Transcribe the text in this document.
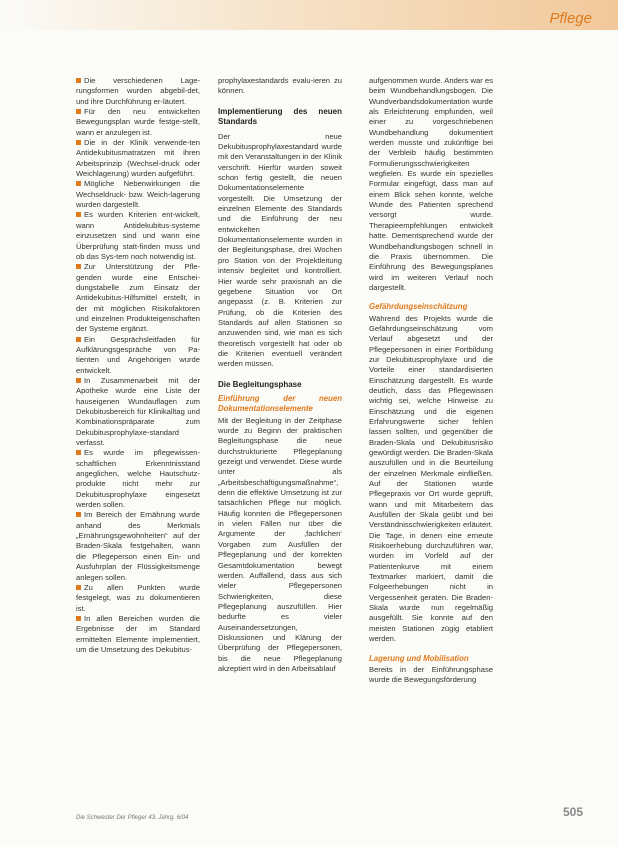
Pflege

Die verschiedenen Lage-rungsformen wurden abgebil-det, und ihre Durchführung er-läutert.

Für den neu entwickelten Bewegungsplan wurde festge-stellt, wann er anzulegen ist.

Die in der Klinik verwende-ten Antidekubitusmatratzen mit ihren Arbeitsprinzip (Wechsel-druck oder Weichlagerung) wurden aufgeführt.

Mögliche Nebenwirkungen die Wechseldruck- bzw. Weich-lagerung wurden dargestellt.

Es wurden Kriterien ent-wickelt, wann Antidekubitus-systeme einzusetzen sind und wann eine Überprüfung statt-finden muss und ob das Sys-tem noch notwendig ist.

Zur Unterstützung der Pfle-genden wurde eine Entschei-dungstabelle zum Einsatz der Antidekubitus-Hilfsmittel erstellt, in der mit möglichen Risikofaktoren und einzelnen Produkteigenschaften der Systeme ergänzt.

Ein Gesprächsleitfaden für Aufklärungsgespräche von Pa-tienten und Angehörigen wurde entwickelt.

In Zusammenarbeit mit der Apotheke wurde eine Liste der hauseigenen Wundauflagen zum Dekubitusbereich für Klinikalltag und Kombinationspräparate zum Dekubitusprophylaxe-standard verfasst.

Es wurde im pflegewissen-schaftlichen Erkenntnisstand angeglichen, welche Hautschutz-produkte nicht mehr zur Dekubitusprophylaxe eingesetzt werden sollen.

Im Bereich der Ernährung wurde anhand des Merkmals „Ernährungsgewohnheiten“ auf der Braden-Skala festgehalten, wann die Pflegeperson einen Ein- und Ausfuhrplan der Flüssigkeitsmenge anlegen sollen.

Zu allen Punkten wurde festgelegt, was zu dokumentieren ist.

In allen Bereichen wurden die Ergebnisse der im Standard ermittelten Elemente implementiert, um die Umsetzung des Dekubitus-

prophylaxestandards evalu-ieren zu können.

Implementierung des neuen Standards

Der neue Dekubitusprophylaxestandard wurde mit den Veranstaltungen in der Klinik verschrift. Hierfür wurden soweit schon fertig gestellt, die neuen Dokumentationselemente vorgestellt. Die Umsetzung der einzelnen Elemente des Standards und die Einführung der neu entwickelten Dokumentationselemente wurden in der Begleitungsphase, drei Wochen pro Station von der Projektleitung intensiv begleitet und kontrolliert. Hier wurde sehr praxisnah an die gegebene Situation vor Ort angepasst (z. B. Kriterien zur Prüfung, ob die Kriterien des Standards auf allen Stationen so anzuwenden sind, wie man es sich theoretisch vorgestellt hat oder ob die Kriterien eventuell verändert werden müssen.

Die Begleitungsphase
Einführung der neuen Dokumentationselemente

Mit der Begleitung in der Zeitphase wurde zu Beginn der praktischen Begleitungsphase die neue durchstrukturierte Pflegeplanung gezeigt und verwendet. Diese wurde unter als „Arbeitsbeschäftigungsmaßnahme“, denn die effektive Umsetzung ist zur tatsächlichen Pflege nur möglich. Häufig konnten die Pflegepersonen in vielen Fällen nur über die Argumente der ‚fachlichen‘ Vorgaben zum Ausfüllen der Pflegeplanung und der korrekten Gesamtdokumentation bewegt werden. Auffallend, dass aus sich vieler Pflegepersonen Schwierigkeiten, diese Pflegeplanung auszufüllen. Hier bedurfte es vieler Auseinandersetzungen, Diskussionen und Klärung der Überprüfung der Pflegepersonen, bis die neue Pflegeplanung akzeptiert wird in den Arbeitsablauf

aufgenommen wurde. Anders war es beim Wundbehandlungsbogen. Die Wundverbandsdokumentation wurde als Erleichterung empfunden, weil einer zu vorgeschriebenen Wundbehandlung dokumentiert werden musste und zukünftige bei der Verbleib häufig bestimmten Formulierungsschwierigkeiten wegfielen. Es wurde ein spezielles Formular eingefügt, dass man auf einem Blick sehen konnte, welche Wunde des Patienten sprechend versorgt wurde. Therapieempfehlungen entwickelt hatte. Dementsprechend wurde der Wundbehandlungsbogen schnell in die Praxis übernommen. Die Einführung des Bewegungsplanes wird im weiteren Verlauf noch dargestellt.

Gefährdungseinschätzung

Während des Projekts wurde die Gefährdungseinschätzung vom Verlauf abgesetzt und der Pflegepersonen in einer Fortbildung zur Dekubitusprophylaxe und die Vorteile einer standardisierten Einschätzung dargestellt. Es wurde deutlich, dass das Pflegewissen wichtig sei, welche Hinweise zu Einschätzung und die eigenen Erfahrungswerte sicher fehlen lassen sollten, und gegenüber die Braden-Skala und Dekubitusrisiko gewürdigt werden. Die Braden-Skala auszufüllen und in die Beurteilung der einzelnen Merkmale einfließen. Auf der Stationen wurde Pflegepraxis vor Ort wurde geprüft, wann und mit Mitarbeitern das Ausfüllen der Skala geübt und bei Verständnisschwierigkeiten erläutert. Die Tage, in denen eine erneute Risikoerhebung durchzuführen war, wurden im Vorfeld auf der Patientenkurve mit einem Textmarker markiert, damit die Folgeerhebungen nicht in Vergessenheit geraten. Die Braden-Skala wurde nun regelmäßig ausgefüllt. Sie konnte auf den meisten Stationen zügig etabliert werden.

Lagerung und Mobilisation

Bereits in der Einführungsphase wurde die Bewegungsförderung

Die Schwester Der Pfleger 43. Jahrg. 6/04	505
